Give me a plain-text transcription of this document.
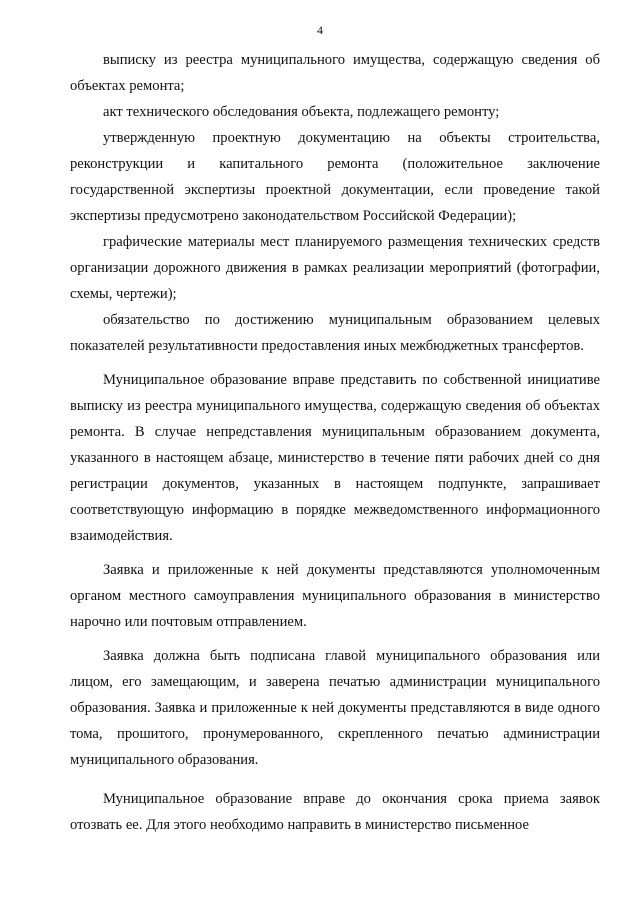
4

выписку из реестра муниципального имущества, содержащую сведения об объектах ремонта;

акт технического обследования объекта, подлежащего ремонту;

утвержденную проектную документацию на объекты строительства, реконструкции и капитального ремонта (положительное заключение государственной экспертизы проектной документации, если проведение такой экспертизы предусмотрено законодательством Российской Федерации);

графические материалы мест планируемого размещения технических средств организации дорожного движения в рамках реализации мероприятий (фотографии, схемы, чертежи);

обязательство по достижению муниципальным образованием целевых показателей результативности предоставления иных межбюджетных трансфертов.

Муниципальное образование вправе представить по собственной инициативе выписку из реестра муниципального имущества, содержащую сведения об объектах ремонта. В случае непредставления муниципальным образованием документа, указанного в настоящем абзаце, министерство в течение пяти рабочих дней со дня регистрации документов, указанных в настоящем подпункте, запрашивает соответствующую информацию в порядке межведомственного информационного взаимодействия.

Заявка и приложенные к ней документы представляются уполномоченным органом местного самоуправления муниципального образования в министерство нарочно или почтовым отправлением.

Заявка должна быть подписана главой муниципального образования или лицом, его замещающим, и заверена печатью администрации муниципального образования. Заявка и приложенные к ней документы представляются в виде одного тома, прошитого, пронумерованного, скрепленного печатью администрации муниципального образования.

Муниципальное образование вправе до окончания срока приема заявок отозвать ее. Для этого необходимо направить в министерство письменное
